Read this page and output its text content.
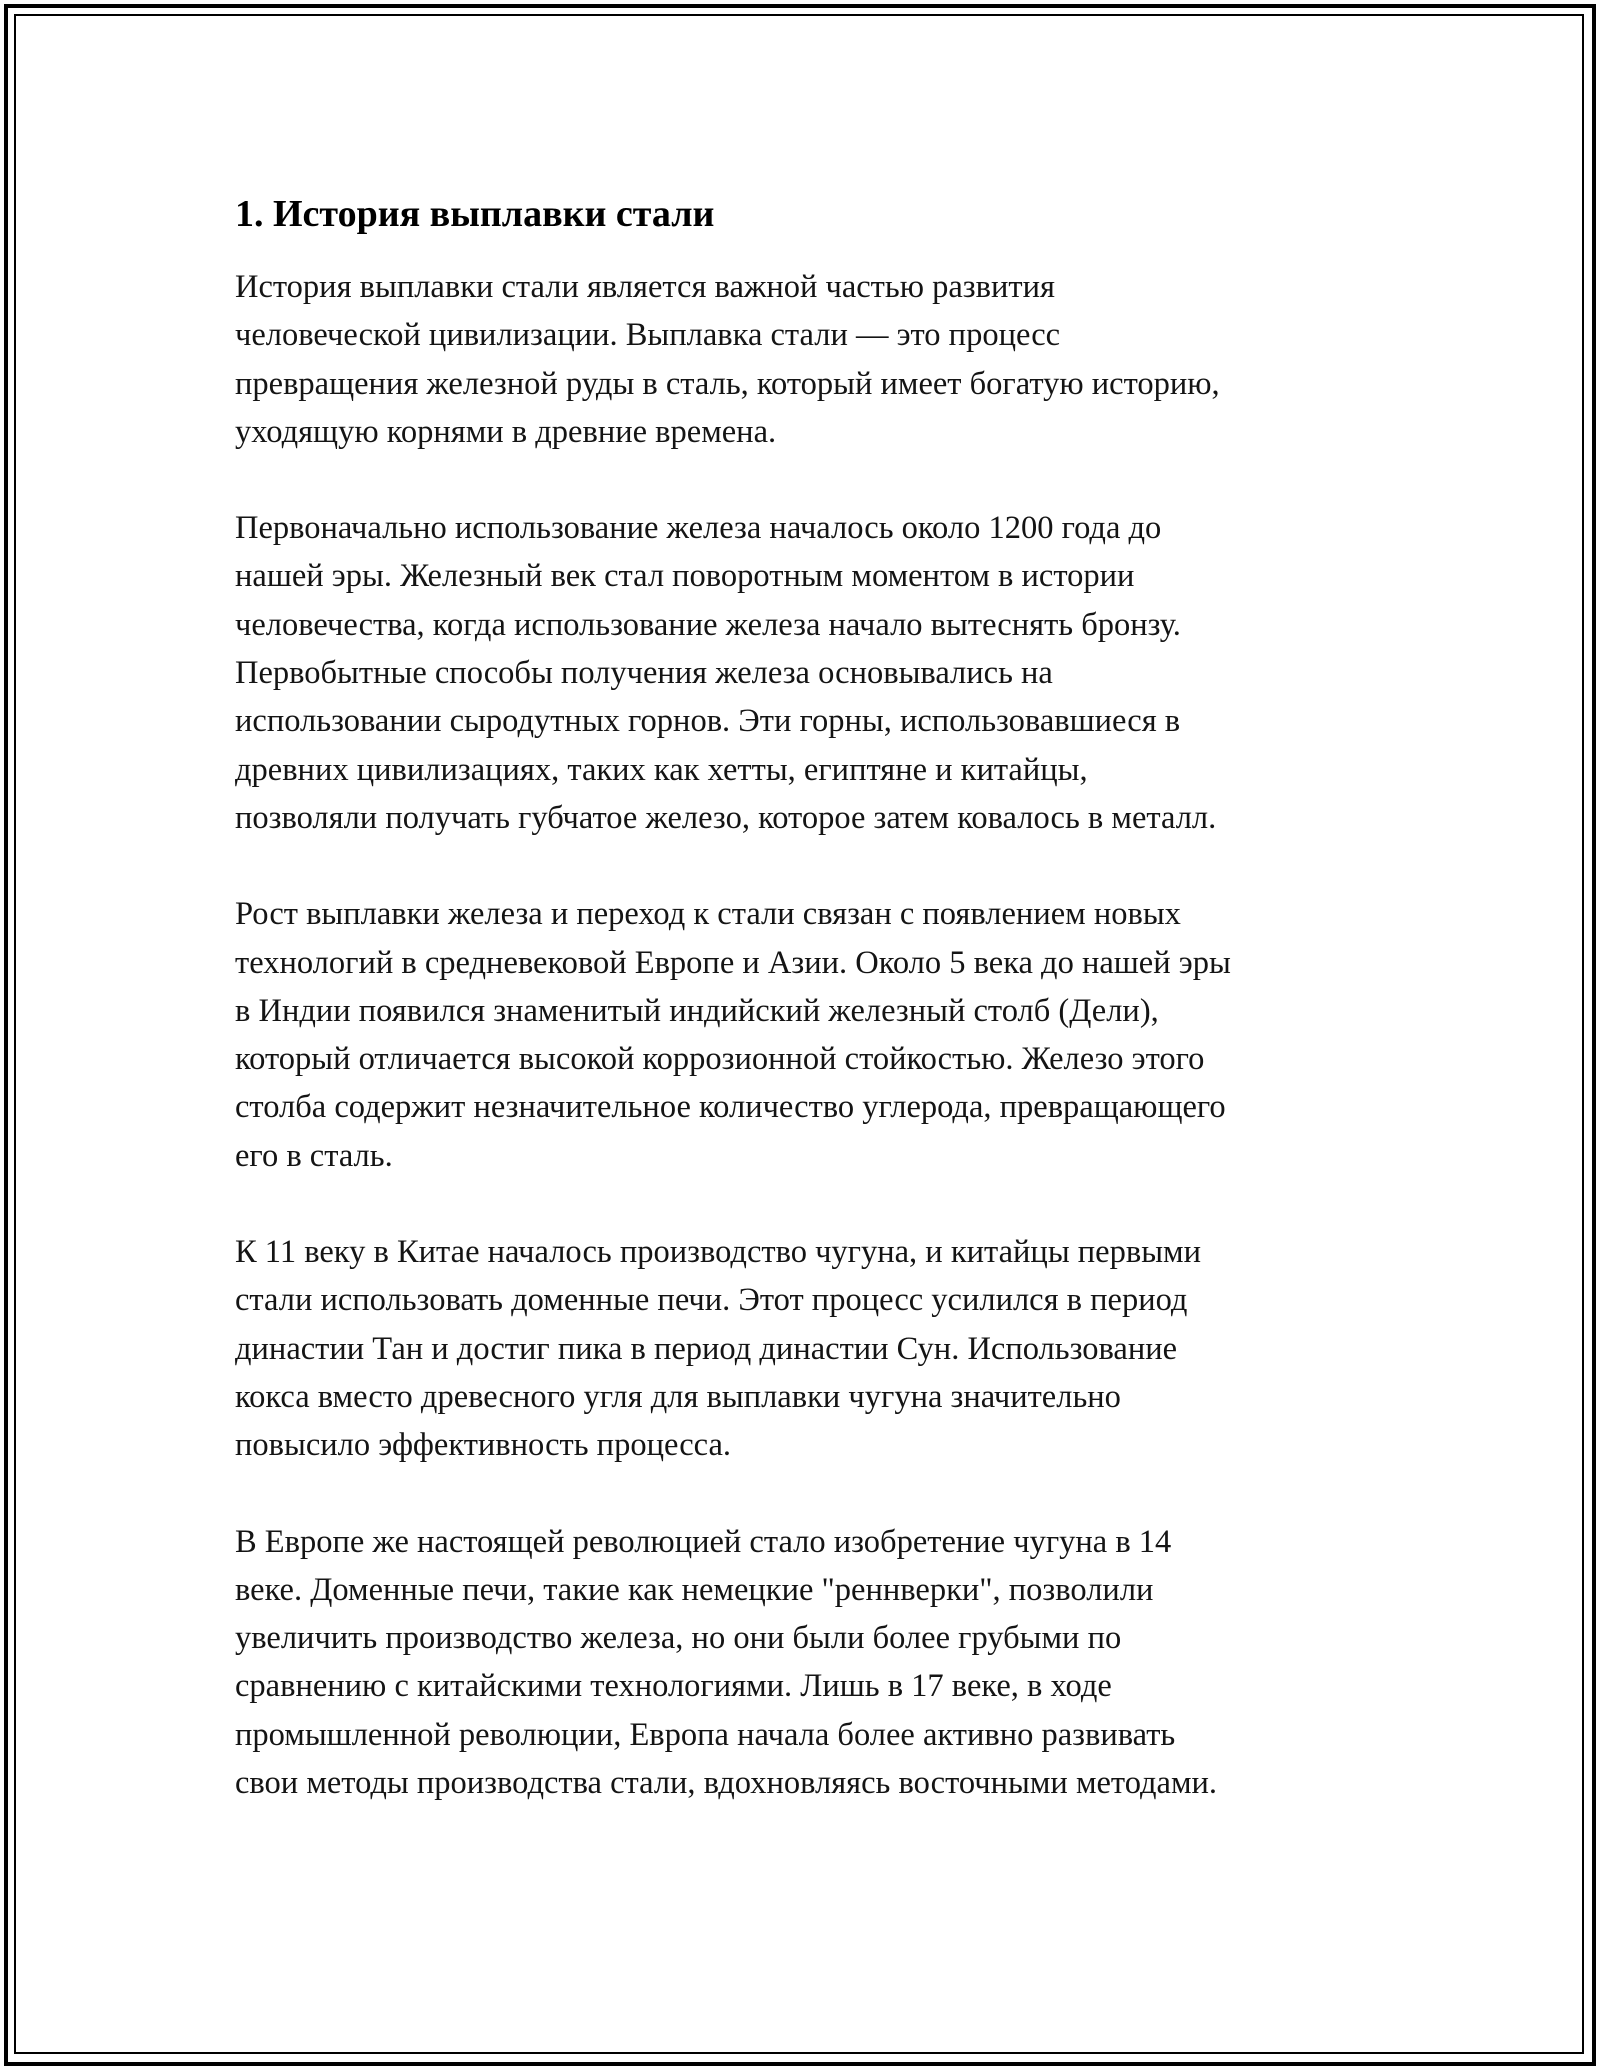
1. История выплавки стали

История выплавки стали является важной частью развития
человеческой цивилизации. Выплавка стали — это процесс
превращения железной руды в сталь, который имеет богатую историю,
уходящую корнями в древние времена.

Первоначально использование железа началось около 1200 года до
нашей эры. Железный век стал поворотным моментом в истории
человечества, когда использование железа начало вытеснять бронзу.
Первобытные способы получения железа основывались на
использовании сыродутных горнов. Эти горны, использовавшиеся в
древних цивилизациях, таких как хетты, египтяне и китайцы,
позволяли получать губчатое железо, которое затем ковалось в металл.

Рост выплавки железа и переход к стали связан с появлением новых
технологий в средневековой Европе и Азии. Около 5 века до нашей эры
в Индии появился знаменитый индийский железный столб (Дели),
который отличается высокой коррозионной стойкостью. Железо этого
столба содержит незначительное количество углерода, превращающего
его в сталь.

К 11 веку в Китае началось производство чугуна, и китайцы первыми
стали использовать доменные печи. Этот процесс усилился в период
династии Тан и достиг пика в период династии Сун. Использование
кокса вместо древесного угля для выплавки чугуна значительно
повысило эффективность процесса.

В Европе же настоящей революцией стало изобретение чугуна в 14
веке. Доменные печи, такие как немецкие "реннверки", позволили
увеличить производство железа, но они были более грубыми по
сравнению с китайскими технологиями. Лишь в 17 веке, в ходе
промышленной революции, Европа начала более активно развивать
свои методы производства стали, вдохновляясь восточными методами.
